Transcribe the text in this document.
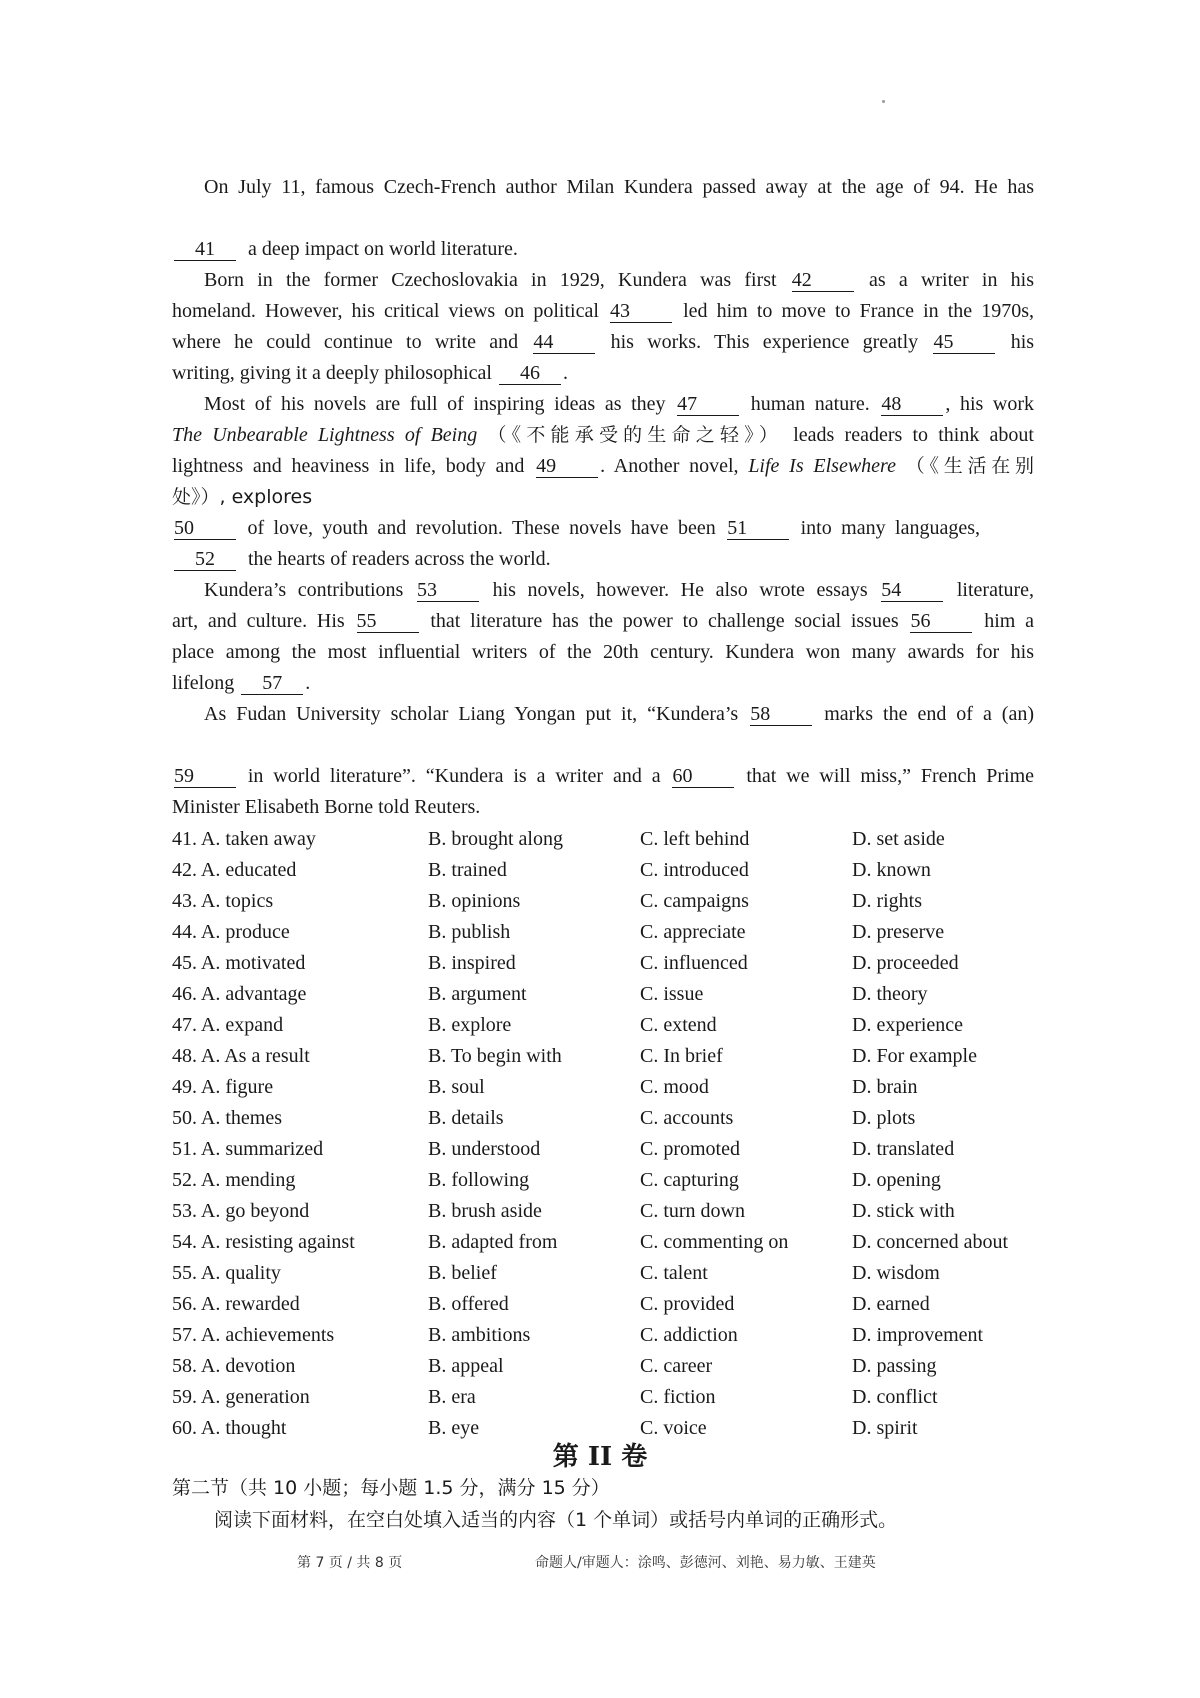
On July 11, famous Czech-French author Milan Kundera passed away at the age of 94. He has
41 a deep impact on world literature.
Born in the former Czechoslovakia in 1929, Kundera was first 42	as a writer in his
homeland. However, his critical views on political 43	led him to move to France in the 1970s,
where he could continue to write and 44	his works. This experience greatly 45	his
writing, giving it a deeply philosophical 46 .
Most of his novels are full of inspiring ideas as they 47	human nature. 48 , his work
The Unbearable Lightness of Being （《不能承受的生命之轻》） leads readers to think about
lightness and heaviness in life, body and 49 . Another novel, Life Is Elsewhere （《生活在别
处》）, explores
50	of love, youth and revolution. These novels have been 51	into many languages,
52 the hearts of readers across the world.
Kundera’s contributions 53	his novels, however. He also wrote essays 54	literature,
art, and culture. His 55	that literature has the power to challenge social issues 56	him a
place among the most influential writers of the 20th century. Kundera won many awards for his
lifelong 57 .
As Fudan University scholar Liang Yongan put it, “Kundera’s 58	marks the end of a (an)
59	in world literature”. “Kundera is a writer and a 60	that we will miss,” French Prime
Minister Elisabeth Borne told Reuters.
41. A. taken away	B. brought along	C. left behind	D. set aside
42. A. educated	B. trained	C. introduced	D. known
43. A. topics	B. opinions	C. campaigns	D. rights
44. A. produce	B. publish	C. appreciate	D. preserve
45. A. motivated	B. inspired	C. influenced	D. proceeded
46. A. advantage	B. argument	C. issue	D. theory
47. A. expand	B. explore	C. extend	D. experience
48. A. As a result	B. To begin with	C. In brief	D. For example
49. A. figure	B. soul	C. mood	D. brain
50. A. themes	B. details	C. accounts	D. plots
51. A. summarized	B. understood	C. promoted	D. translated
52. A. mending	B. following	C. capturing	D. opening
53. A. go beyond	B. brush aside	C. turn down	D. stick with
54. A. resisting against	B. adapted from	C. commenting on	D. concerned about
55. A. quality	B. belief	C. talent	D. wisdom
56. A. rewarded	B. offered	C. provided	D. earned
57. A. achievements	B. ambitions	C. addiction	D. improvement
58. A. devotion	B. appeal	C. career	D. passing
59. A. generation	B. era	C. fiction	D. conflict
60. A. thought	B. eye	C. voice	D. spirit
第 II 卷
第二节（共 10 小题；每小题 1.5 分，满分 15 分）
阅读下面材料，在空白处填入适当的内容（1 个单词）或括号内单词的正确形式。
第 7 页 / 共 8 页	命题人/审题人：涂鸣、彭德河、刘艳、易力敏、王建英
